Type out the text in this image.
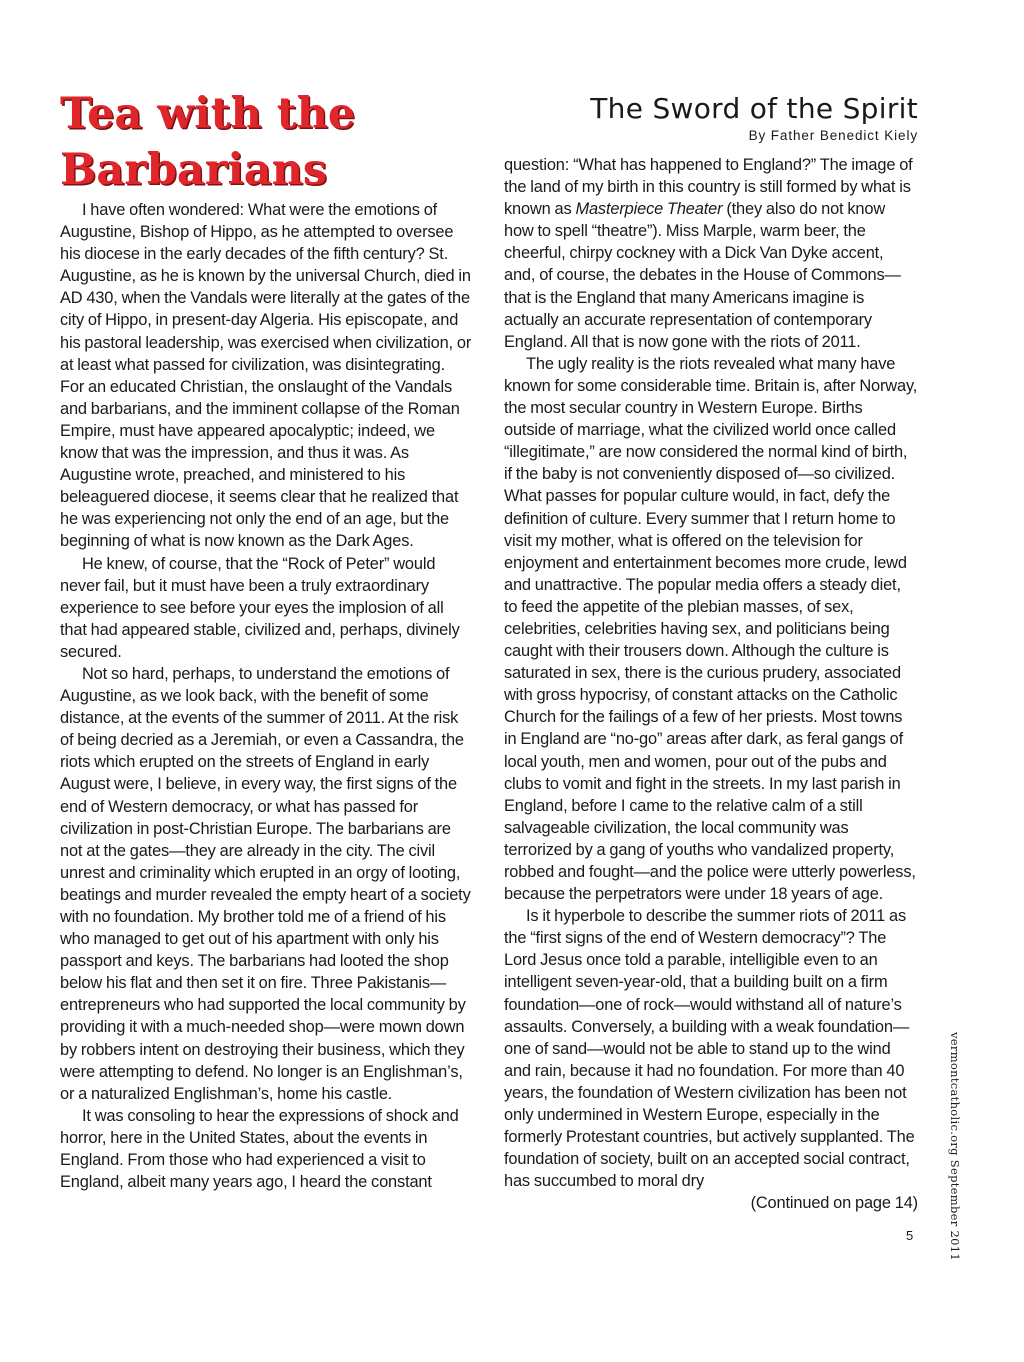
Tea with the
Barbarians

I have often wondered: What were the emotions of Augustine, Bishop of Hippo, as he attempted to oversee his diocese in the early decades of the fifth century? St. Augustine, as he is known by the universal Church, died in AD 430, when the Vandals were literally at the gates of the city of Hippo, in present-day Algeria. His episcopate, and his pastoral leadership, was exercised when civilization, or at least what passed for civilization, was disintegrating. For an educated Christian, the onslaught of the Vandals and barbarians, and the imminent collapse of the Roman Empire, must have appeared apocalyptic; indeed, we know that was the impression, and thus it was. As Augustine wrote, preached, and ministered to his beleaguered diocese, it seems clear that he realized that he was experiencing not only the end of an age, but the beginning of what is now known as the Dark Ages.

He knew, of course, that the “Rock of Peter” would never fail, but it must have been a truly extraordinary experience to see before your eyes the implosion of all that had appeared stable, civilized and, perhaps, divinely secured.

Not so hard, perhaps, to understand the emotions of Augustine, as we look back, with the benefit of some distance, at the events of the summer of 2011. At the risk of being decried as a Jeremiah, or even a Cassandra, the riots which erupted on the streets of England in early August were, I believe, in every way, the first signs of the end of Western democracy, or what has passed for civilization in post-Christian Europe. The barbarians are not at the gates—they are already in the city. The civil unrest and criminality which erupted in an orgy of looting, beatings and murder revealed the empty heart of a society with no foundation. My brother told me of a friend of his who managed to get out of his apartment with only his passport and keys. The barbarians had looted the shop below his flat and then set it on fire. Three Pakistanis—entrepreneurs who had supported the local community by providing it with a much-needed shop—were mown down by robbers intent on destroying their business, which they were attempting to defend. No longer is an Englishman’s, or a naturalized Englishman’s, home his castle.

It was consoling to hear the expressions of shock and horror, here in the United States, about the events in England. From those who had experienced a visit to England, albeit many years ago, I heard the constant

The Sword of the Spirit
By Father Benedict Kiely

question: “What has happened to England?” The image of the land of my birth in this country is still formed by what is known as Masterpiece Theater (they also do not know how to spell “theatre”). Miss Marple, warm beer, the cheerful, chirpy cockney with a Dick Van Dyke accent, and, of course, the debates in the House of Commons—that is the England that many Americans imagine is actually an accurate representation of contemporary England. All that is now gone with the riots of 2011.

The ugly reality is the riots revealed what many have known for some considerable time. Britain is, after Norway, the most secular country in Western Europe. Births outside of marriage, what the civilized world once called “illegitimate,” are now considered the normal kind of birth, if the baby is not conveniently disposed of—so civilized. What passes for popular culture would, in fact, defy the definition of culture. Every summer that I return home to visit my mother, what is offered on the television for enjoyment and entertainment becomes more crude, lewd and unattractive. The popular media offers a steady diet, to feed the appetite of the plebian masses, of sex, celebrities, celebrities having sex, and politicians being caught with their trousers down. Although the culture is saturated in sex, there is the curious prudery, associated with gross hypocrisy, of constant attacks on the Catholic Church for the failings of a few of her priests. Most towns in England are “no-go” areas after dark, as feral gangs of local youth, men and women, pour out of the pubs and clubs to vomit and fight in the streets. In my last parish in England, before I came to the relative calm of a still salvageable civilization, the local community was terrorized by a gang of youths who vandalized property, robbed and fought—and the police were utterly powerless, because the perpetrators were under 18 years of age.

Is it hyperbole to describe the summer riots of 2011 as the “first signs of the end of Western democracy”? The Lord Jesus once told a parable, intelligible even to an intelligent seven-year-old, that a building built on a firm foundation—one of rock—would withstand all of nature’s assaults. Conversely, a building with a weak foundation—one of sand—would not be able to stand up to the wind and rain, because it had no foundation. For more than 40 years, the foundation of Western civilization has been not only undermined in Western Europe, especially in the formerly Protestant countries, but actively supplanted. The foundation of society, built on an accepted social contract, has succumbed to moral dry

(Continued on page 14)	vermontcatholic.org September 2011
5
